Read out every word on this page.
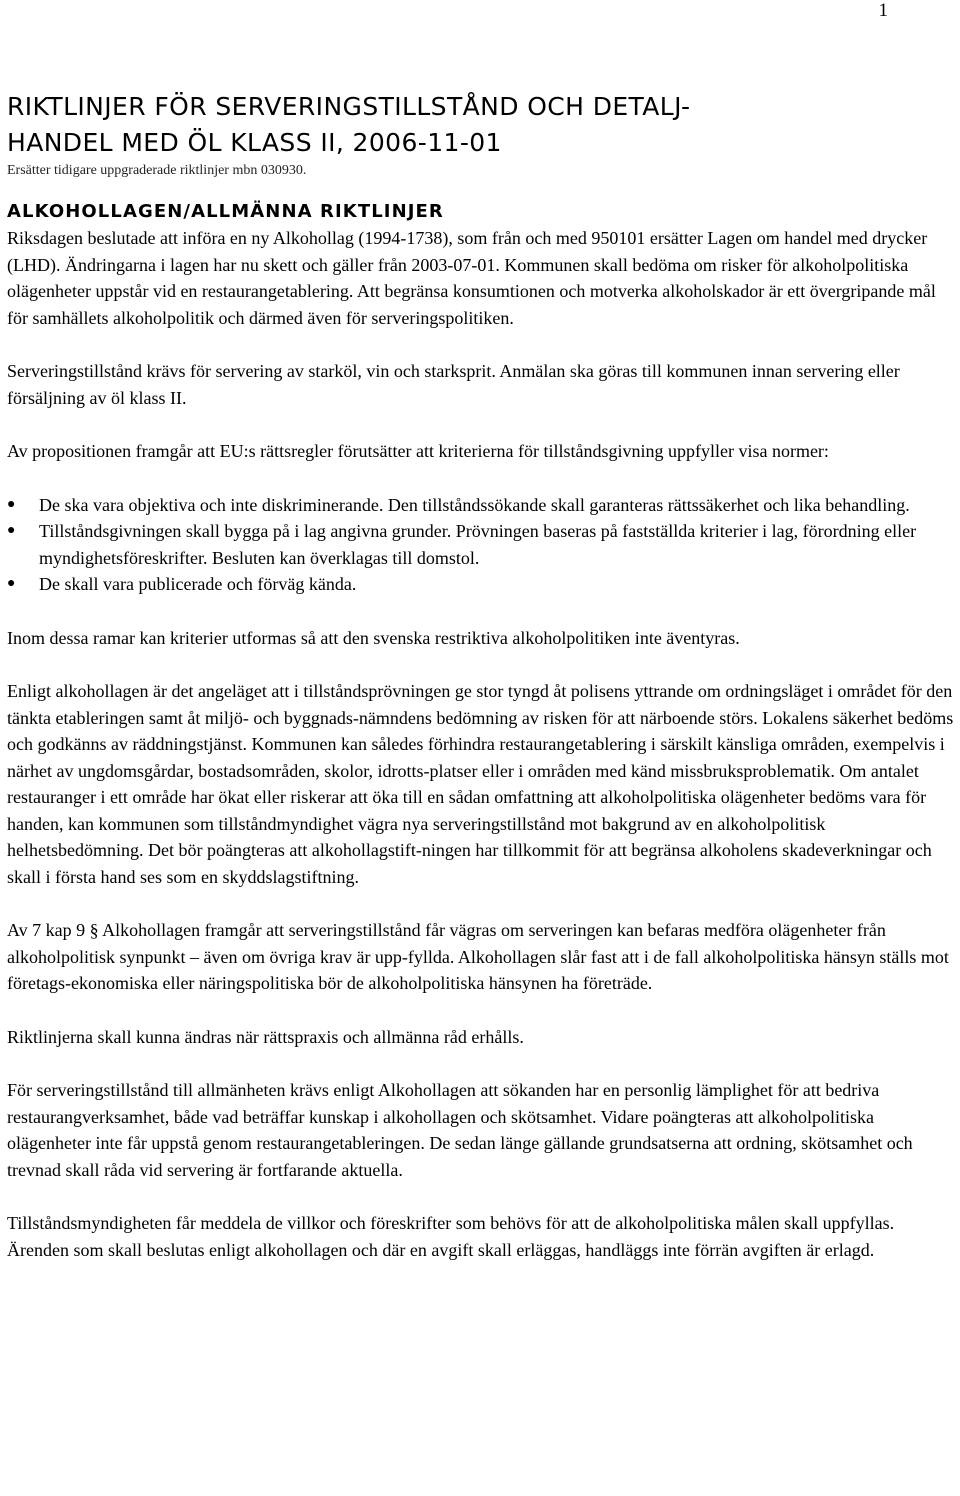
1
RIKTLINJER FÖR SERVERINGSTILLSTÅND OCH DETALJ-
HANDEL MED ÖL KLASS II, 2006-11-01

Ersätter tidigare uppgraderade riktlinjer mbn 030930.

ALKOHOLLAGEN/ALLMÄNNA RIKTLINJER

Riksdagen beslutade att införa en ny Alkohollag (1994-1738), som från och med 950101 ersätter Lagen om handel med drycker (LHD). Ändringarna i lagen har nu skett och gäller från 2003-07-01. Kommunen skall bedöma om risker för alkoholpolitiska olägenheter uppstår vid en restaurangetablering. Att begränsa konsumtionen och motverka alkoholskador är ett övergripande mål för samhällets alkoholpolitik och därmed även för serveringspolitiken.

Serveringstillstånd krävs för servering av starköl, vin och starksprit. Anmälan ska göras till kommunen innan servering eller försäljning av öl klass II.

Av propositionen framgår att EU:s rättsregler förutsätter att kriterierna för tillståndsgivning uppfyller visa normer:

● De ska vara objektiva och inte diskriminerande. Den tillståndssökande skall garanteras rättssäkerhet och lika behandling.
● Tillståndsgivningen skall bygga på i lag angivna grunder. Prövningen baseras på fastställda kriterier i lag, förordning eller myndighetsföreskrifter. Besluten kan överklagas till domstol.
● De skall vara publicerade och förväg kända.

Inom dessa ramar kan kriterier utformas så att den svenska restriktiva alkoholpolitiken inte äventyras.

Enligt alkohollagen är det angeläget att i tillståndsprövningen ge stor tyngd åt polisens yttrande om ordningsläget i området för den tänkta etableringen samt åt miljö- och byggnads-nämndens bedömning av risken för att närboende störs. Lokalens säkerhet bedöms och godkänns av räddningstjänst. Kommunen kan således förhindra restaurangetablering i särskilt känsliga områden, exempelvis i närhet av ungdomsgårdar, bostadsområden, skolor, idrotts-platser eller i områden med känd missbruksproblematik. Om antalet restauranger i ett område har ökat eller riskerar att öka till en sådan omfattning att alkoholpolitiska olägenheter bedöms vara för handen, kan kommunen som tillståndmyndighet vägra nya serveringstillstånd mot bakgrund av en alkoholpolitisk helhetsbedömning. Det bör poängteras att alkohollagstift-ningen har tillkommit för att begränsa alkoholens skadeverkningar och skall i första hand ses som en skyddslagstiftning.

Av 7 kap 9 § Alkohollagen framgår att serveringstillstånd får vägras om serveringen kan befaras medföra olägenheter från alkoholpolitisk synpunkt – även om övriga krav är upp-fyllda. Alkohollagen slår fast att i de fall alkoholpolitiska hänsyn ställs mot företags-ekonomiska eller näringspolitiska bör de alkoholpolitiska hänsynen ha företräde.

Riktlinjerna skall kunna ändras när rättspraxis och allmänna råd erhålls.

För serveringstillstånd till allmänheten krävs enligt Alkohollagen att sökanden har en personlig lämplighet för att bedriva restaurangverksamhet, både vad beträffar kunskap i alkohollagen och skötsamhet. Vidare poängteras att alkoholpolitiska olägenheter inte får uppstå genom restaurangetableringen. De sedan länge gällande grundsatserna att ordning, skötsamhet och trevnad skall råda vid servering är fortfarande aktuella.

Tillståndsmyndigheten får meddela de villkor och föreskrifter som behövs för att de alkoholpolitiska målen skall uppfyllas. Ärenden som skall beslutas enligt alkohollagen och där en avgift skall erläggas, handläggs inte förrän avgiften är erlagd.
